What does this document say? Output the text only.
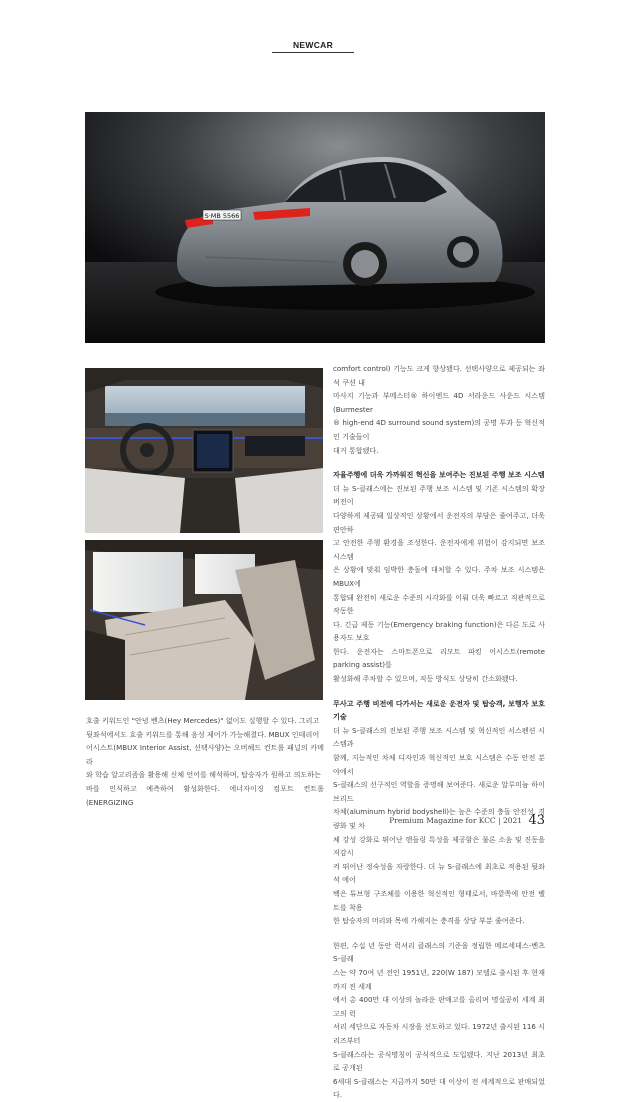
NEWCAR
S·MB 5566

comfort control) 기능도 크게 향상됐다. 선택사양으로 제공되는 좌석 쿠션 내

마사지 기능과 부메스터® 하이엔드 4D 서라운드 사운드 시스템(Burmester

® high-end 4D surround sound system)의 공명 투과 등 혁신적인 기술들이

대거 통합됐다.

자율주행에 더욱 가까워진 혁신을 보여주는 진보된 주행 보조 시스템

더 뉴 S-클래스에는 진보된 주행 보조 시스템 및 기존 시스템의 확장 버전이

다양하게 제공돼 일상적인 상황에서 운전자의 부담은 줄여주고, 더욱 편안하

고 안전한 주행 환경을 조성한다. 운전자에게 위험이 감지되면 보조 시스템

은 상황에 맞춰 임박한 충돌에 대처할 수 있다. 주차 보조 시스템은 MBUX에

통합돼 완전히 새로운 수준의 시각화를 이뤄 더욱 빠르고 직관적으로 작동한

다. 긴급 제동 기능(Emergency braking function)은 다른 도로 사용자도 보호

한다. 운전자는 스마트폰으로 리모트 파킹 어시스트(remote parking assist)를

활성화해 주차할 수 있으며, 직등 방식도 상당히 간소화됐다.

무사고 주행 비전에 다가서는 새로운 운전자 및 탑승객, 보행자 보호 기술

더 뉴 S-클래스의 진보된 주행 보조 시스템 및 혁신적인 서스펜션 시스템과

함께, 지능적인 차체 디자인과 혁신적인 보호 시스템은 수동 안전 분야에서

S-클래스의 선구적인 역할을 증명해 보여준다. 새로운 알루미늄 하이브리드

차체(aluminum hybrid bodyshell)는 높은 수준의 충돌 안전성, 경량화 및 차

체 강성 강화로 뛰어난 핸들링 특성을 제공함은 물론 소음 및 진동을 저감시

켜 뛰어난 정숙성을 자랑한다. 더 뉴 S-클래스에 최초로 적용된 뒷좌석 에어

백은 튜브형 구조체를 이용한 혁신적인 형태로서, 바깥쪽에 안전 벨트를 착용

한 탑승자의 머리와 목에 가해지는 충격을 상당 부분 줄여준다.

한편, 수십 년 동안 럭셔리 클래스의 기준을 정립한 메르세데스-벤츠 S-클래

스는 약 70여 년 전인 1951년, 220(W 187) 모델로 출시된 후 현재까지 전 세계

에서 총 400만 대 이상의 놀라운 판매고를 올리며 명실공히 세계 최고의 럭

셔리 세단으로 자동차 시장을 선도하고 있다. 1972년 출시된 116 시리즈부터

S-클래스라는 공식명칭이 공식적으로 도입됐다. 지난 2013년 최초로 공개된

6세대 S-클래스는 지금까지 50만 대 이상이 전 세계적으로 판매되었다.

호출 키워드인 "안녕 벤츠(Hey Mercedes)" 없이도 실행할 수 있다. 그리고

뒷좌석에서도 호출 키워드를 통해 음성 제어가 가능해졌다. MBUX 인테리어

어시스트(MBUX Interior Assist, 선택사양)는 오버헤드 컨트롤 패널의 카메라

와 학습 알고리즘을 활용해 신체 언어를 해석하며, 탑승자가 원하고 의도하는

바를 인식하고 예측하여 활성화한다. 에너자이징 컴포트 컨트롤(ENERGIZING

Premium Magazine for KCC | 2021 43
